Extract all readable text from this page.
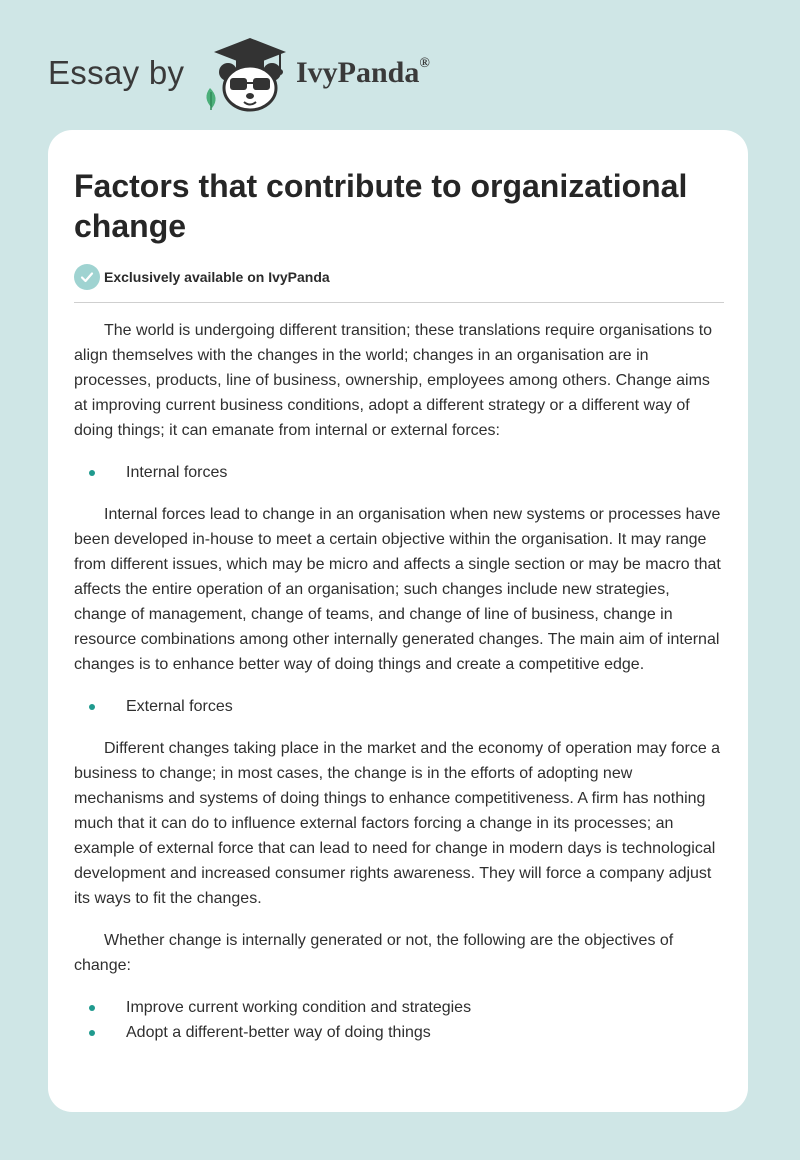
Essay by	IvyPanda®
Factors that contribute to organizational change
Exclusively available on IvyPanda

The world is undergoing different transition; these translations require organisations to align themselves with the changes in the world; changes in an organisation are in processes, products, line of business, ownership, employees among others. Change aims at improving current business conditions, adopt a different strategy or a different way of doing things; it can emanate from internal or external forces:

Internal forces

Internal forces lead to change in an organisation when new systems or processes have been developed in-house to meet a certain objective within the organisation. It may range from different issues, which may be micro and affects a single section or may be macro that affects the entire operation of an organisation; such changes include new strategies, change of management, change of teams, and change of line of business, change in resource combinations among other internally generated changes. The main aim of internal changes is to enhance better way of doing things and create a competitive edge.

External forces

Different changes taking place in the market and the economy of operation may force a business to change; in most cases, the change is in the efforts of adopting new mechanisms and systems of doing things to enhance competitiveness. A firm has nothing much that it can do to influence external factors forcing a change in its processes; an example of external force that can lead to need for change in modern days is technological development and increased consumer rights awareness. They will force a company adjust its ways to fit the changes.

Whether change is internally generated or not, the following are the objectives of change:

Improve current working condition and strategies
Adopt a different-better way of doing things
